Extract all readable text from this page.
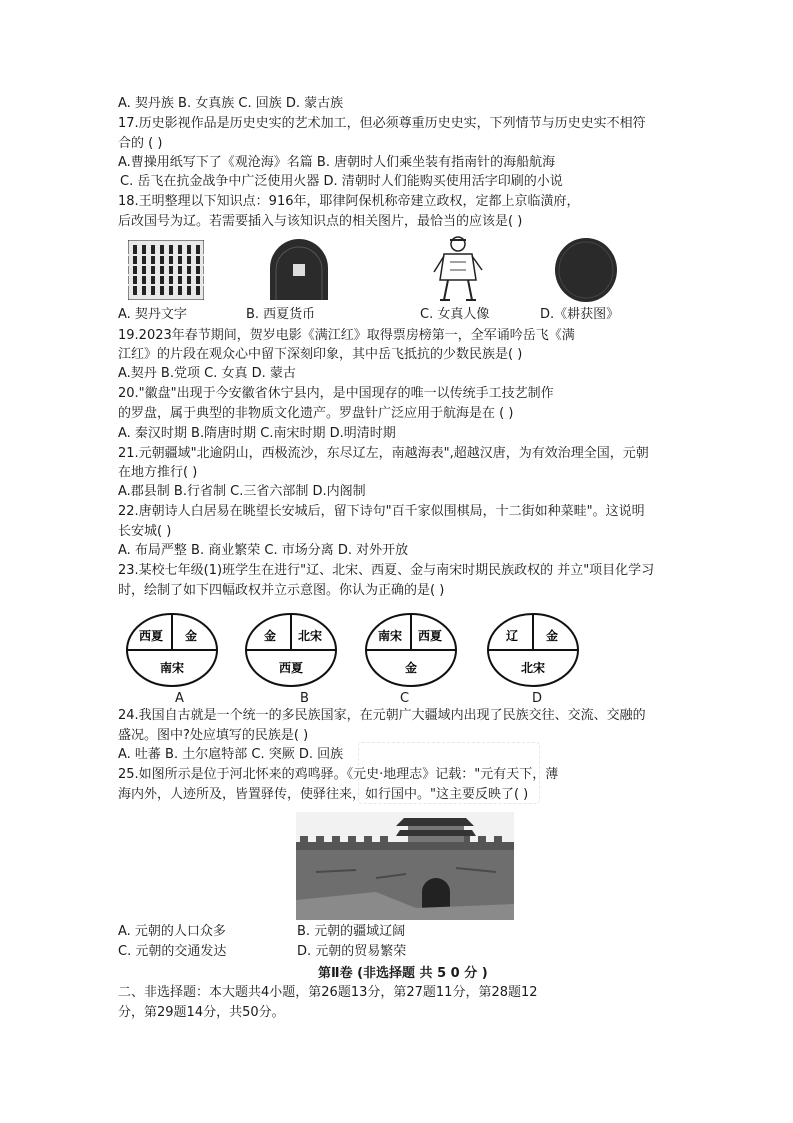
A. 契丹族 B. 女真族 C. 回族 D. 蒙古族
17.历史影视作品是历史史实的艺术加工，但必须尊重历史史实，下列情节与历史史实不相符
合的 ( )
A.曹操用纸写下了《观沧海》名篇 B. 唐朝时人们乘坐装有指南针的海船航海
C. 岳飞在抗金战争中广泛使用火器 D. 清朝时人们能购买使用活字印刷的小说
18.王明整理以下知识点：916年，耶律阿保机称帝建立政权，定都上京临潢府，
后改国号为辽。若需要插入与该知识点的相关图片，最恰当的应该是( )
A. 契丹文字	B. 西夏货币	C. 女真人像	D.《耕获图》
19.2023年春节期间，贺岁电影《满江红》取得票房榜第一，全军诵吟岳飞《满
江红》的片段在观众心中留下深刻印象，其中岳飞抵抗的少数民族是( )
A.契丹 B.党项 C. 女真 D. 蒙古
20."徽盘"出现于今安徽省休宁县内，是中国现存的唯一以传统手工技艺制作
的罗盘，属于典型的非物质文化遗产。罗盘针广泛应用于航海是在 ( )
A. 秦汉时期 B.隋唐时期 C.南宋时期 D.明清时期
21.元朝疆域"北逾阴山，西极流沙，东尽辽左，南越海表",超越汉唐，为有效治理全国，元朝
在地方推行( )
A.郡县制 B.行省制 C.三省六部制 D.内阁制
22.唐朝诗人白居易在眺望长安城后，留下诗句"百千家似围棋局，十二街如种菜畦"。这说明
长安城( )
A. 布局严整 B. 商业繁荣 C. 市场分离 D. 对外开放
23.某校七年级(1)班学生在进行"辽、北宋、西夏、金与南宋时期民族政权的 并立"项目化学习
时，绘制了如下四幅政权并立示意图。你认为正确的是( )
西夏 金
南宋
金 北宋
西夏
南宋 西夏
金
辽 金
北宋
A	B	C	D
24.我国自古就是一个统一的多民族国家，在元朝广大疆域内出现了民族交往、交流、交融的
盛况。图中?处应填写的民族是( )
A. 吐蕃 B. 土尔扈特部 C. 突厥 D. 回族
25.如图所示是位于河北怀来的鸡鸣驿。《元史·地理志》记载："元有天下，薄
海内外，人迹所及，皆置驿传，使驿往来，如行国中。"这主要反映了( )
A. 元朝的人口众多	B. 元朝的疆域辽阔
C. 元朝的交通发达	D. 元朝的贸易繁荣
第Ⅱ卷 (非选择题 共 5 0 分 )
二、非选择题：本大题共4小题，第26题13分，第27题11分，第28题12
分，第29题14分，共50分。
